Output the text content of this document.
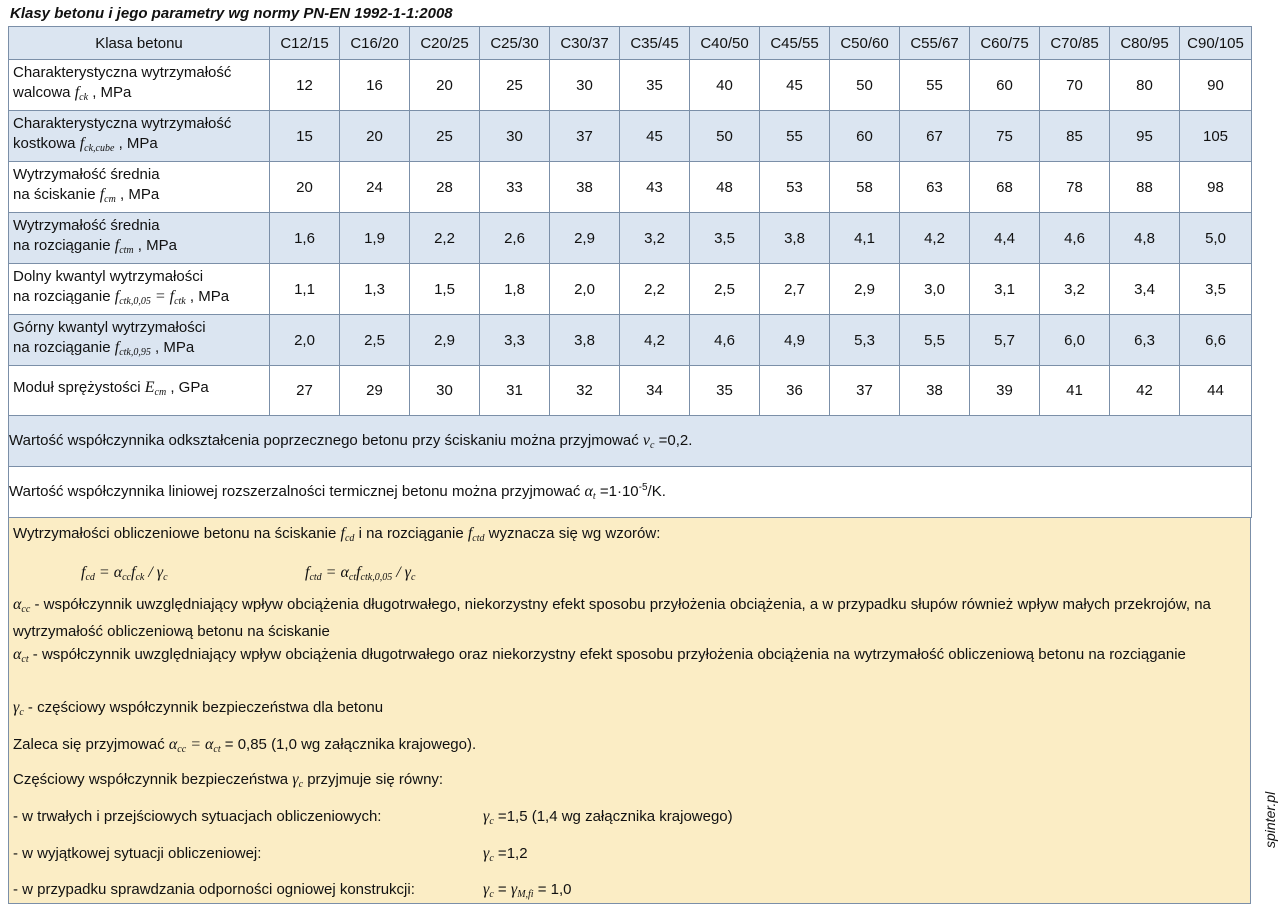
Klasy betonu i jego parametry wg normy PN-EN 1992-1-1:2008
Klasa betonu	C12/15	C16/20	C20/25	C25/30	C30/37	C35/45	C40/50	C45/55	C50/60	C55/67	C60/75	C70/85	C80/95	C90/105
Charakterystyczna wytrzymałość
walcowa $f_{ck}$ , MPa	12	16	20	25	30	35	40	45	50	55	60	70	80	90
Charakterystyczna wytrzymałość
kostkowa $f_{ck,cube}$ , MPa	15	20	25	30	37	45	50	55	60	67	75	85	95	105
Wytrzymałość średnia
na ściskanie $f_{cm}$ , MPa	20	24	28	33	38	43	48	53	58	63	68	78	88	98
Wytrzymałość średnia
na rozciąganie $f_{ctm}$ , MPa	1,6	1,9	2,2	2,6	2,9	3,2	3,5	3,8	4,1	4,2	4,4	4,6	4,8	5,0
Dolny kwantyl wytrzymałości
na rozciąganie $f_{ctk,0,05} = f_{ctk}$ , MPa	1,1	1,3	1,5	1,8	2,0	2,2	2,5	2,7	2,9	3,0	3,1	3,2	3,4	3,5
Górny kwantyl wytrzymałości
na rozciąganie $f_{ctk,0,95}$ , MPa	2,0	2,5	2,9	3,3	3,8	4,2	4,6	4,9	5,3	5,5	5,7	6,0	6,3	6,6
Moduł sprężystości $E_{cm}$ , GPa	27	29	30	31	32	34	35	36	37	38	39	41	42	44
Wartość współczynnika odkształcenia poprzecznego betonu przy ściskaniu można przyjmować $\nu_c =0,2$.														
Wartość współczynnika liniowej rozszerzalności termicznej betonu można przyjmować $\alpha_t =1\cdot 10^{-5}/K$.														
Wytrzymałości obliczeniowe betonu na ściskanie $f_{cd}$ i na rozciąganie $f_{ctd}$ wyznacza się wg wzorów:
$f_{cd} = \alpha_{cc}f_{ck} / \gamma_c$	$f_{ctd} = \alpha_{ct}f_{ctk,0,05} / \gamma_c$
$\alpha_{cc}$ - współczynnik uwzględniający wpływ obciążenia długotrwałego, niekorzystny efekt sposobu przyłożenia obciążenia, a w przypadku słupów również wpływ małych przekrojów, na wytrzymałość obliczeniową betonu na ściskanie
$\alpha_{ct}$ - współczynnik uwzględniający wpływ obciążenia długotrwałego oraz niekorzystny efekt sposobu przyłożenia obciążenia na wytrzymałość obliczeniową betonu na rozciąganie
$\gamma_c$ - częściowy współczynnik bezpieczeństwa dla betonu
Zaleca się przyjmować $\alpha_{cc} = \alpha_{ct} = 0,85$ (1,0 wg załącznika krajowego).
Częściowy współczynnik bezpieczeństwa $\gamma_c$ przyjmuje się równy:
- w trwałych i przejściowych sytuacjach obliczeniowych:	$\gamma_c =1,5$ (1,4 wg załącznika krajowego)
- w wyjątkowej sytuacji obliczeniowej:	$\gamma_c =1,2$
- w przypadku sprawdzania odporności ogniowej konstrukcji:	$\gamma_c = \gamma_{M,fi} = 1,0$
spinter.pl
